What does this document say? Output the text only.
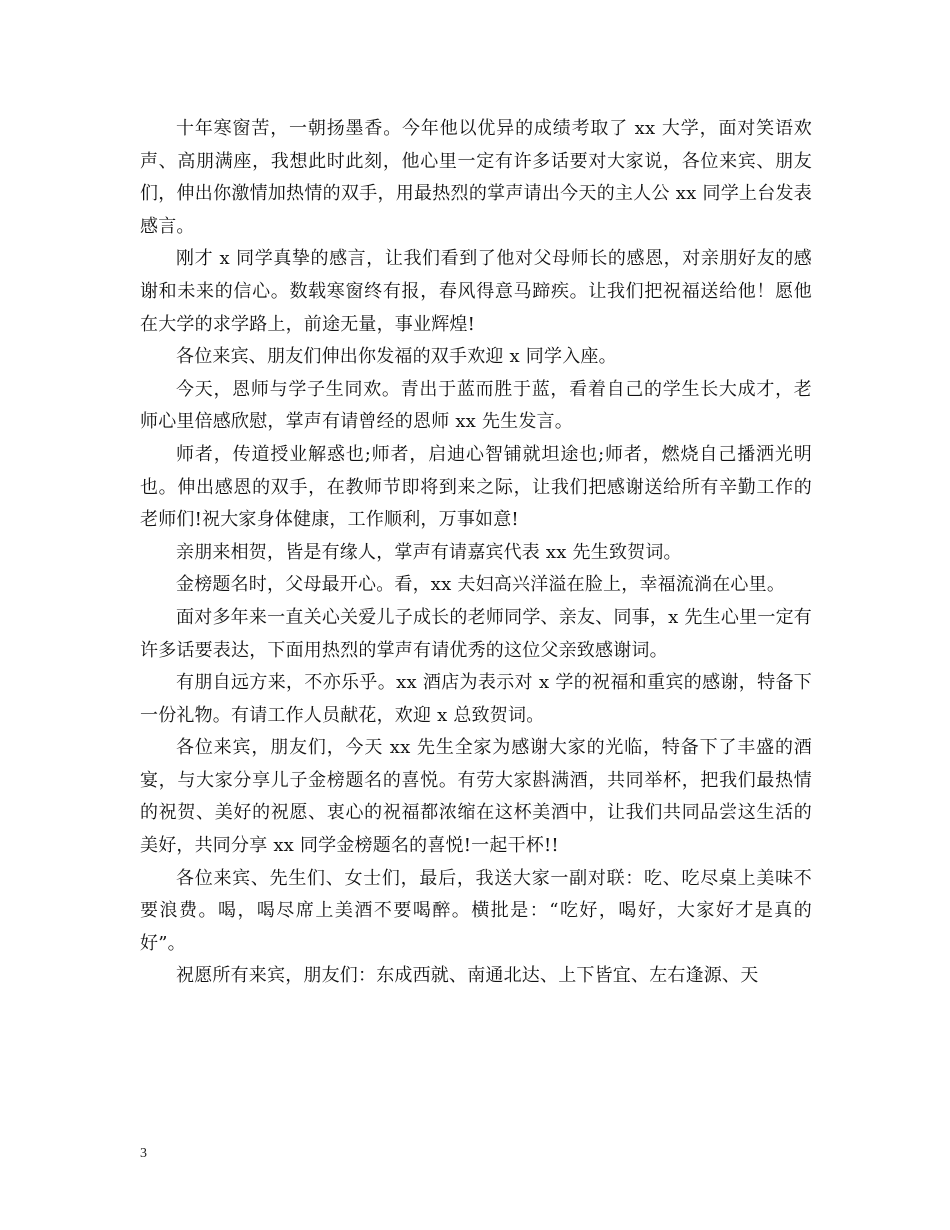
十年寒窗苦，一朝扬墨香。今年他以优异的成绩考取了 xx 大学，面对笑语欢声、高朋满座，我想此时此刻，他心里一定有许多话要对大家说，各位来宾、朋友们，伸出你激情加热情的双手，用最热烈的掌声请出今天的主人公 xx 同学上台发表感言。

刚才 x 同学真挚的感言，让我们看到了他对父母师长的感恩，对亲朋好友的感谢和未来的信心。数载寒窗终有报，春风得意马蹄疾。让我们把祝福送给他！愿他在大学的求学路上，前途无量，事业辉煌!

各位来宾、朋友们伸出你发福的双手欢迎 x 同学入座。

今天，恩师与学子生同欢。青出于蓝而胜于蓝，看着自己的学生长大成才，老师心里倍感欣慰，掌声有请曾经的恩师 xx 先生发言。

师者，传道授业解惑也;师者，启迪心智铺就坦途也;师者，燃烧自己播洒光明也。伸出感恩的双手，在教师节即将到来之际，让我们把感谢送给所有辛勤工作的老师们!祝大家身体健康，工作顺利，万事如意!

亲朋来相贺，皆是有缘人，掌声有请嘉宾代表 xx 先生致贺词。

金榜题名时，父母最开心。看，xx 夫妇高兴洋溢在脸上，幸福流淌在心里。

面对多年来一直关心关爱儿子成长的老师同学、亲友、同事，x 先生心里一定有许多话要表达，下面用热烈的掌声有请优秀的这位父亲致感谢词。

有朋自远方来，不亦乐乎。xx 酒店为表示对 x 学的祝福和重宾的感谢，特备下一份礼物。有请工作人员献花，欢迎 x 总致贺词。

各位来宾，朋友们，今天 xx 先生全家为感谢大家的光临，特备下了丰盛的酒宴，与大家分享儿子金榜题名的喜悦。有劳大家斟满酒，共同举杯，把我们最热情的祝贺、美好的祝愿、衷心的祝福都浓缩在这杯美酒中，让我们共同品尝这生活的美好，共同分享 xx 同学金榜题名的喜悦!一起干杯!!

各位来宾、先生们、女士们，最后，我送大家一副对联：吃、吃尽桌上美味不要浪费。喝，喝尽席上美酒不要喝醉。横批是：“吃好，喝好，大家好才是真的好”。

祝愿所有来宾，朋友们：东成西就、南通北达、上下皆宜、左右逢源、天

3
